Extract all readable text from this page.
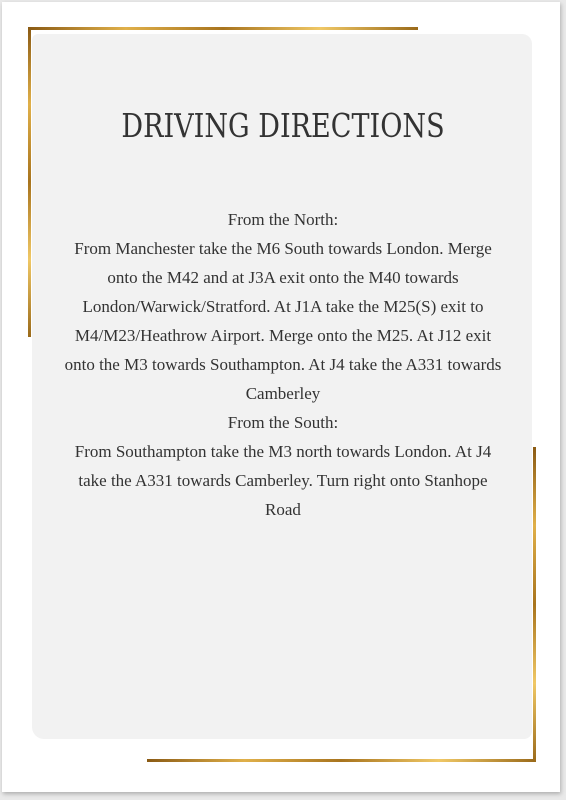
DRIVING DIRECTIONS
From the North:
From Manchester take the M6 South towards London. Merge onto the M42 and at J3A exit onto the M40 towards London/Warwick/Stratford. At J1A take the M25(S) exit to M4/M23/Heathrow Airport. Merge onto the M25. At J12 exit onto the M3 towards Southampton. At J4 take the A331 towards Camberley
From the South:
From Southampton take the M3 north towards London. At J4 take the A331 towards Camberley. Turn right onto Stanhope Road
